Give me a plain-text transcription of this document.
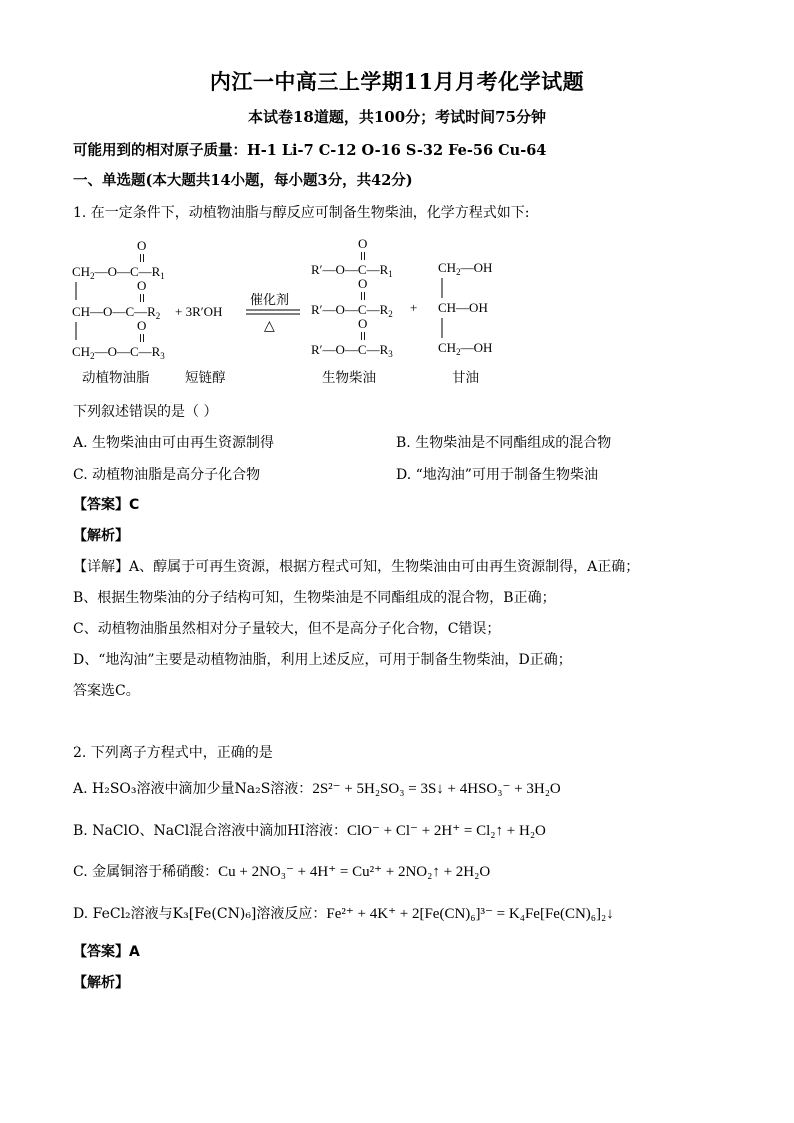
内江一中高三上学期11月月考化学试题
本试卷18道题，共100分；考试时间75分钟
可能用到的相对原子质量：H-1 Li-7 C-12 O-16 S-32 Fe-56 Cu-64
一、单选题(本大题共14小题，每小题3分，共42分)
1. 在一定条件下，动植物油脂与醇反应可制备生物柴油，化学方程式如下:
O
$CH_2—O—C—R_1$
O
$CH—O—C—R_2$
O
$CH_2—O—C—R_3$
+ 3R′OH
催化剂
△
O
$R'—O—C—R_1$
O
$R'—O—C—R_2$
O
$R'—O—C—R_3$
+
$CH_2—OH$
CH—OH
$CH_2—OH$
动植物油脂	短链醇	生物柴油	甘油
下列叙述错误的是（ ）
A. 生物柴油由可由再生资源制得	B. 生物柴油是不同酯组成的混合物
C. 动植物油脂是高分子化合物	D. “地沟油”可用于制备生物柴油
【答案】C
【解析】
【详解】A、醇属于可再生资源，根据方程式可知，生物柴油由可由再生资源制得，A正确；
B、根据生物柴油的分子结构可知，生物柴油是不同酯组成的混合物，B正确；
C、动植物油脂虽然相对分子量较大，但不是高分子化合物，C错误；
D、“地沟油”主要是动植物油脂，利用上述反应，可用于制备生物柴油，D正确；
答案选C。
2. 下列离子方程式中，正确的是
A. H₂SO₃溶液中滴加少量Na₂S溶液：2S²⁻ + 5H₂SO₃ = 3S↓ + 4HSO₃⁻ + 3H₂O
B. NaClO、NaCl混合溶液中滴加HI溶液：ClO⁻ + Cl⁻ + 2H⁺ = Cl₂↑ + H₂O
C. 金属铜溶于稀硝酸：Cu + 2NO₃⁻ + 4H⁺ = Cu²⁺ + 2NO₂↑ + 2H₂O
D. FeCl₂溶液与K₃[Fe(CN)₆]溶液反应：Fe²⁺ + 4K⁺ + 2[Fe(CN)₆]³⁻ = K₄Fe[Fe(CN)₆]₂↓
【答案】A
【解析】
